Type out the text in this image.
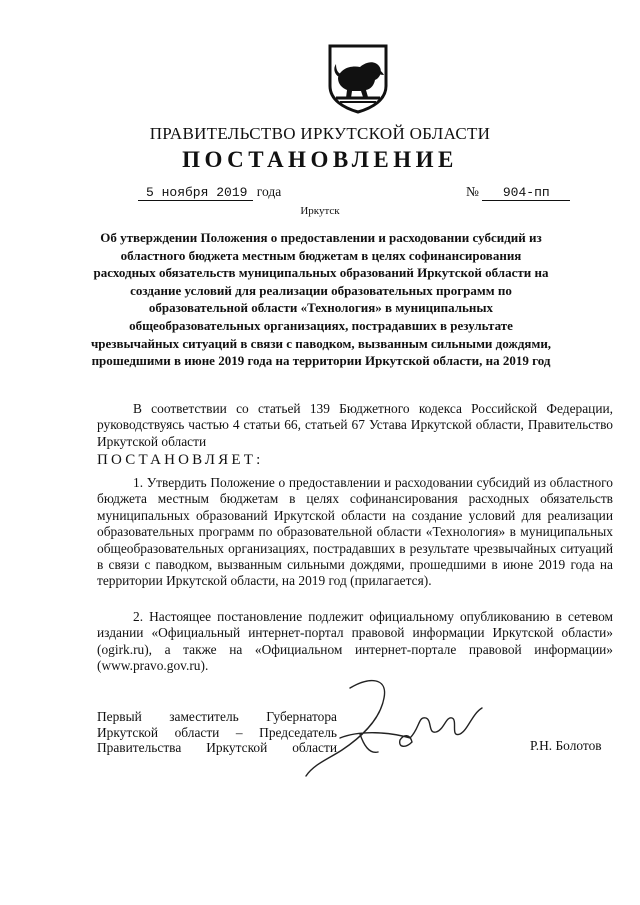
ПРАВИТЕЛЬСТВО ИРКУТСКОЙ ОБЛАСТИ
ПОСТАНОВЛЕНИЕ
5 ноября 2019 года	№ 904-пп
Иркутск
Об утверждении Положения о предоставлении и расходовании субсидий из областного бюджета местным бюджетам в целях софинансирования расходных обязательств муниципальных образований Иркутской области на создание условий для реализации образовательных программ по образовательной области «Технология» в муниципальных общеобразовательных организациях, пострадавших в результате чрезвычайных ситуаций в связи с паводком, вызванным сильными дождями, прошедшими в июне 2019 года на территории Иркутской области, на 2019 год
В соответствии со статьей 139 Бюджетного кодекса Российской Федерации, руководствуясь частью 4 статьи 66, статьей 67 Устава Иркутской области, Правительство Иркутской области
ПОСТАНОВЛЯЕТ:
1. Утвердить Положение о предоставлении и расходовании субсидий из областного бюджета местным бюджетам в целях софинансирования расходных обязательств муниципальных образований Иркутской области на создание условий для реализации образовательных программ по образовательной области «Технология» в муниципальных общеобразовательных организациях, пострадавших в результате чрезвычайных ситуаций в связи с паводком, вызванным сильными дождями, прошедшими в июне 2019 года на территории Иркутской области, на 2019 год (прилагается).
2. Настоящее постановление подлежит официальному опубликованию в сетевом издании «Официальный интернет-портал правовой информации Иркутской области» (ogirk.ru), а также на «Официальном интернет-портале правовой информации» (www.pravo.gov.ru).
Первый заместитель Губернатора
Иркутской области – Председатель
Правительства Иркутской области	Р.Н. Болотов
